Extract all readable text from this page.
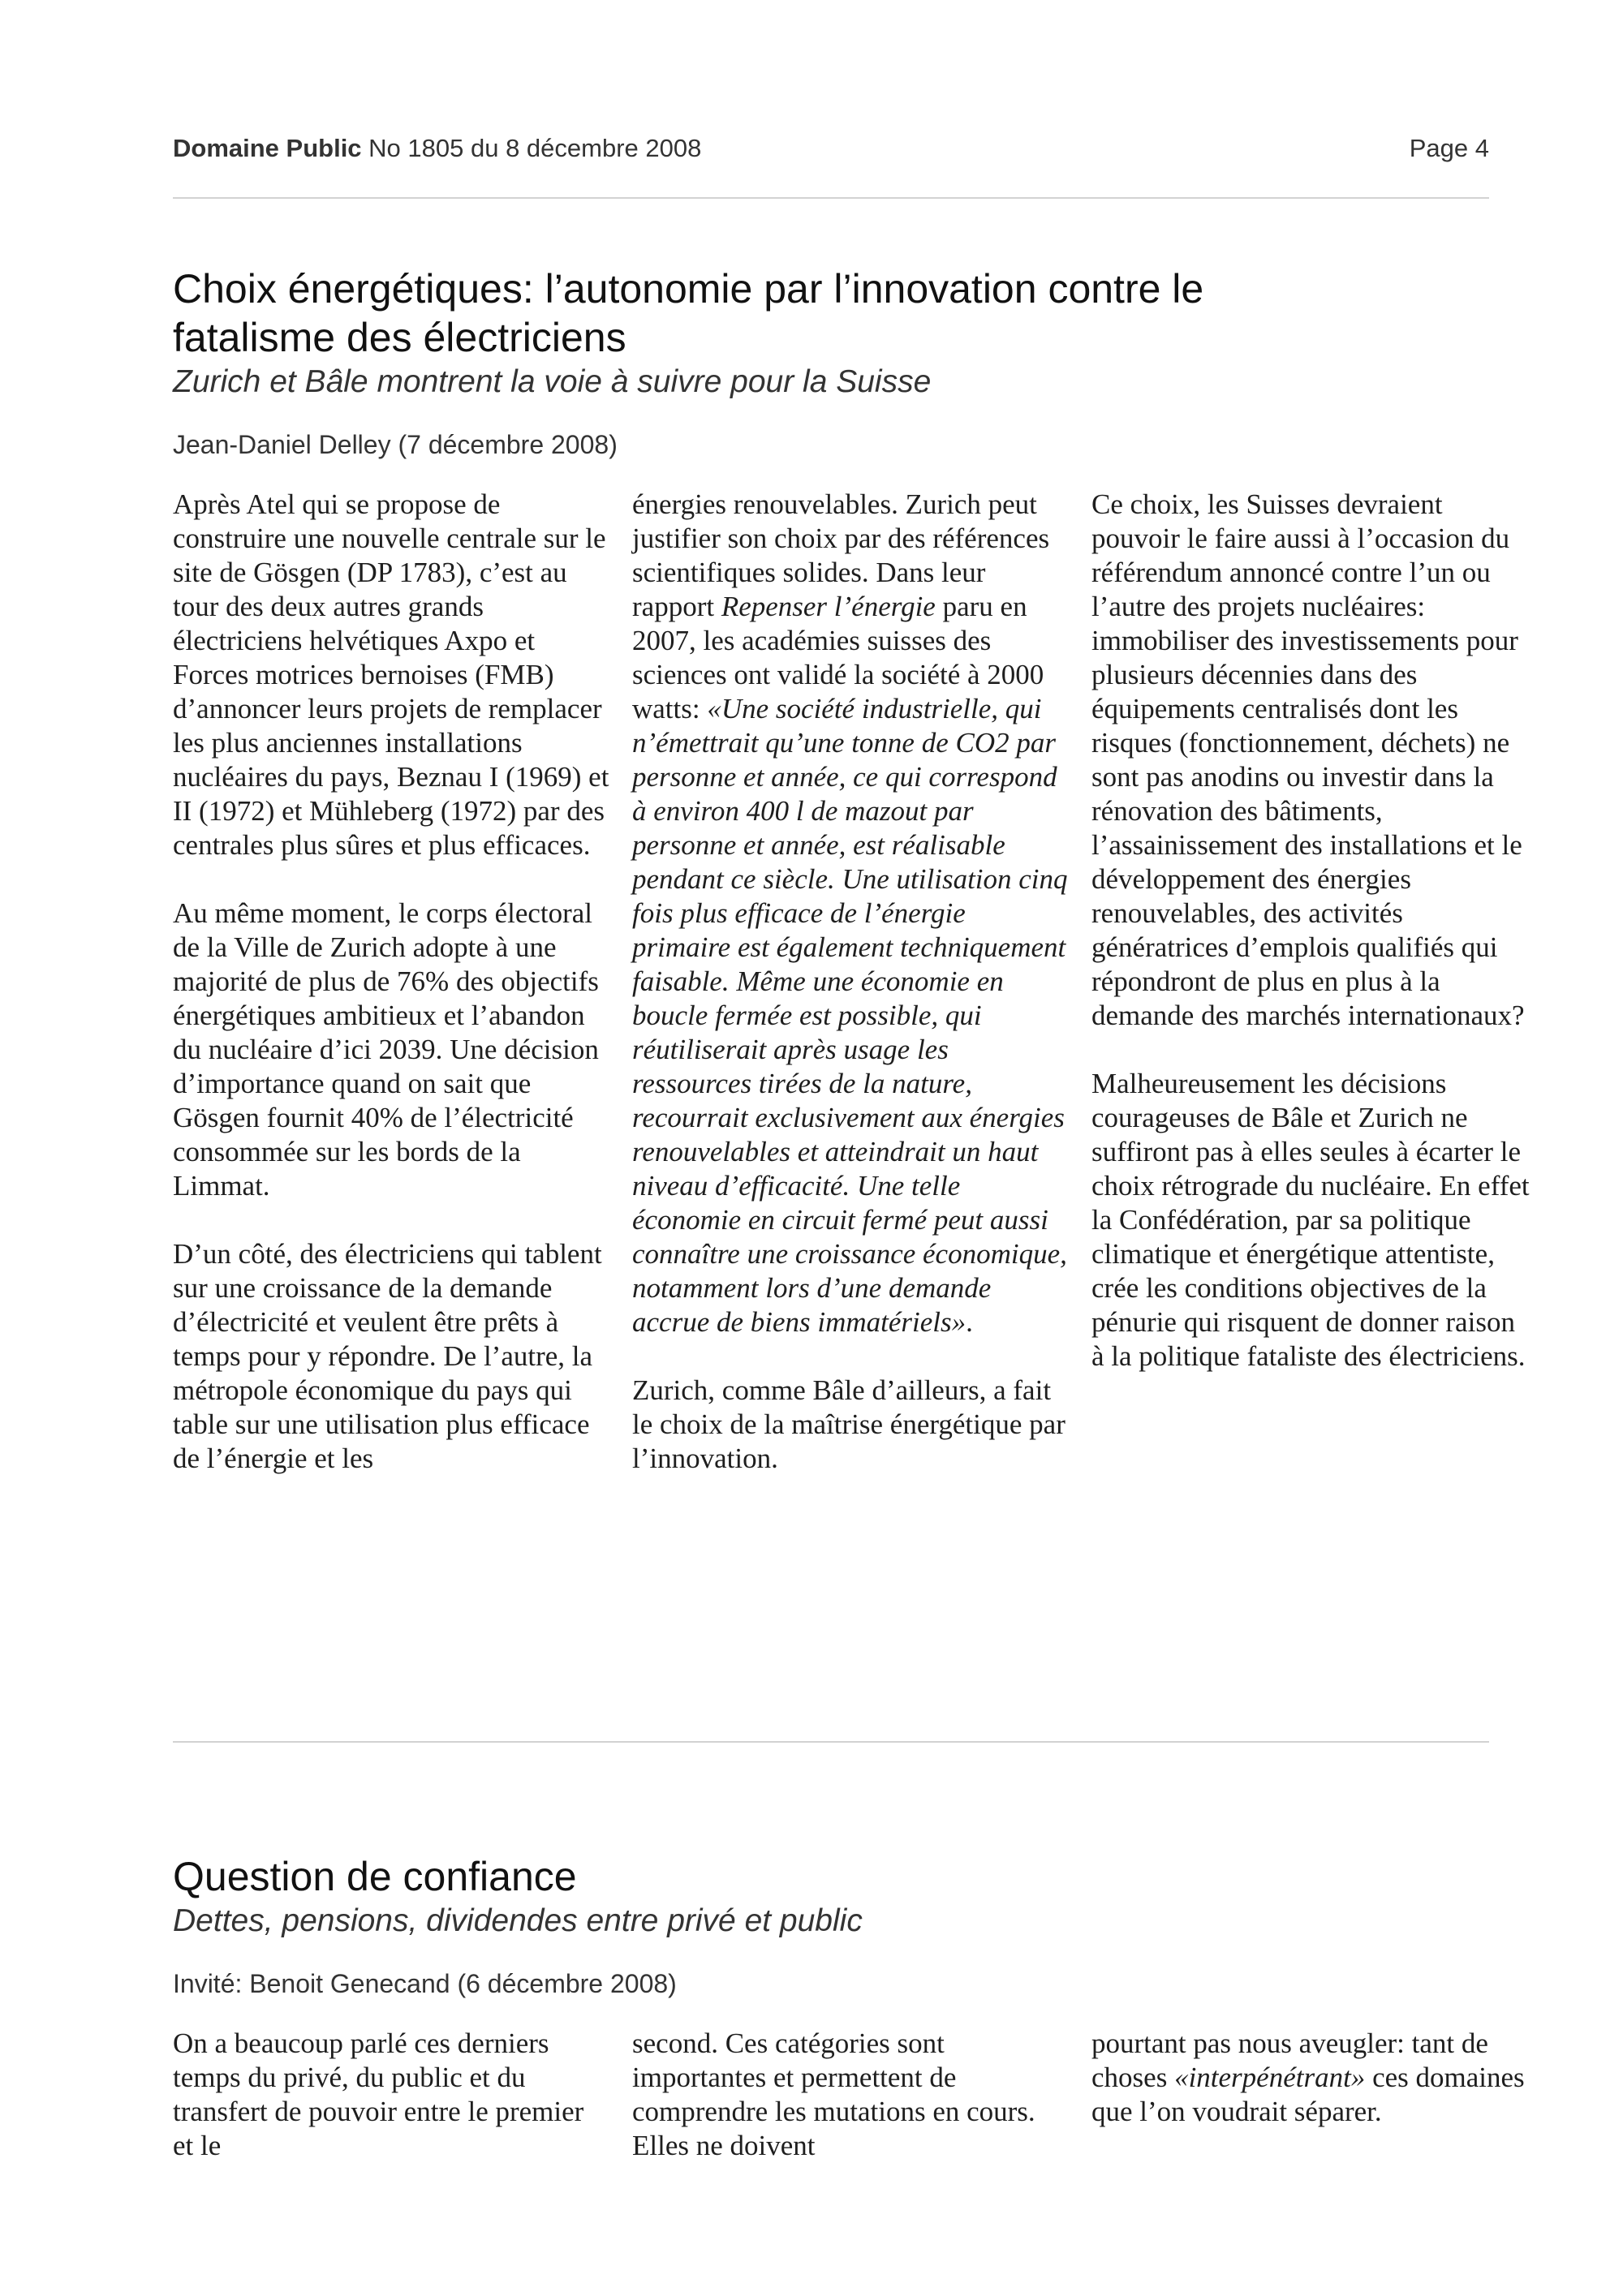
Domaine Public No 1805 du 8 décembre 2008	Page 4
Choix énergétiques: l’autonomie par l’innovation contre le
fatalisme des électriciens

Zurich et Bâle montrent la voie à suivre pour la Suisse

Jean-Daniel Delley (7 décembre 2008)

Après Atel qui se propose de construire une nouvelle centrale sur le site de Gösgen (DP 1783), c’est au tour des deux autres grands électriciens helvétiques Axpo et Forces motrices bernoises (FMB) d’annoncer leurs projets de remplacer les plus anciennes installations nucléaires du pays, Beznau I (1969) et II (1972) et Mühleberg (1972) par des centrales plus sûres et plus efficaces.

Au même moment, le corps électoral de la Ville de Zurich adopte à une majorité de plus de 76% des objectifs énergétiques ambitieux et l’abandon du nucléaire d’ici 2039. Une décision d’importance quand on sait que Gösgen fournit 40% de l’électricité consommée sur les bords de la Limmat.

D’un côté, des électriciens qui tablent sur une croissance de la demande d’électricité et veulent être prêts à temps pour y répondre. De l’autre, la métropole économique du pays qui table sur une utilisation plus efficace de l’énergie et les

énergies renouvelables. Zurich peut justifier son choix par des références scientifiques solides. Dans leur rapport Repenser l’énergie paru en 2007, les académies suisses des sciences ont validé la société à 2000 watts: «Une société industrielle, qui n’émettrait qu’une tonne de CO2 par personne et année, ce qui correspond à environ 400 l de mazout par personne et année, est réalisable pendant ce siècle. Une utilisation cinq fois plus efficace de l’énergie primaire est également techniquement faisable. Même une économie en boucle fermée est possible, qui réutiliserait après usage les ressources tirées de la nature, recourrait exclusivement aux énergies renouvelables et atteindrait un haut niveau d’efficacité. Une telle économie en circuit fermé peut aussi connaître une croissance économique, notamment lors d’une demande accrue de biens immatériels».

Zurich, comme Bâle d’ailleurs, a fait le choix de la maîtrise énergétique par l’innovation.

Ce choix, les Suisses devraient pouvoir le faire aussi à l’occasion du référendum annoncé contre l’un ou l’autre des projets nucléaires: immobiliser des investissements pour plusieurs décennies dans des équipements centralisés dont les risques (fonctionnement, déchets) ne sont pas anodins ou investir dans la rénovation des bâtiments, l’assainissement des installations et le développement des énergies renouvelables, des activités génératrices d’emplois qualifiés qui répondront de plus en plus à la demande des marchés internationaux?

Malheureusement les décisions courageuses de Bâle et Zurich ne suffiront pas à elles seules à écarter le choix rétrograde du nucléaire. En effet la Confédération, par sa politique climatique et énergétique attentiste, crée les conditions objectives de la pénurie qui risquent de donner raison à la politique fataliste des électriciens.

Question de confiance

Dettes, pensions, dividendes entre privé et public

Invité: Benoit Genecand (6 décembre 2008)

On a beaucoup parlé ces derniers temps du privé, du public et du transfert de pouvoir entre le premier et le

second. Ces catégories sont importantes et permettent de comprendre les mutations en cours. Elles ne doivent

pourtant pas nous aveugler: tant de choses «interpénétrant» ces domaines que l’on voudrait séparer.
